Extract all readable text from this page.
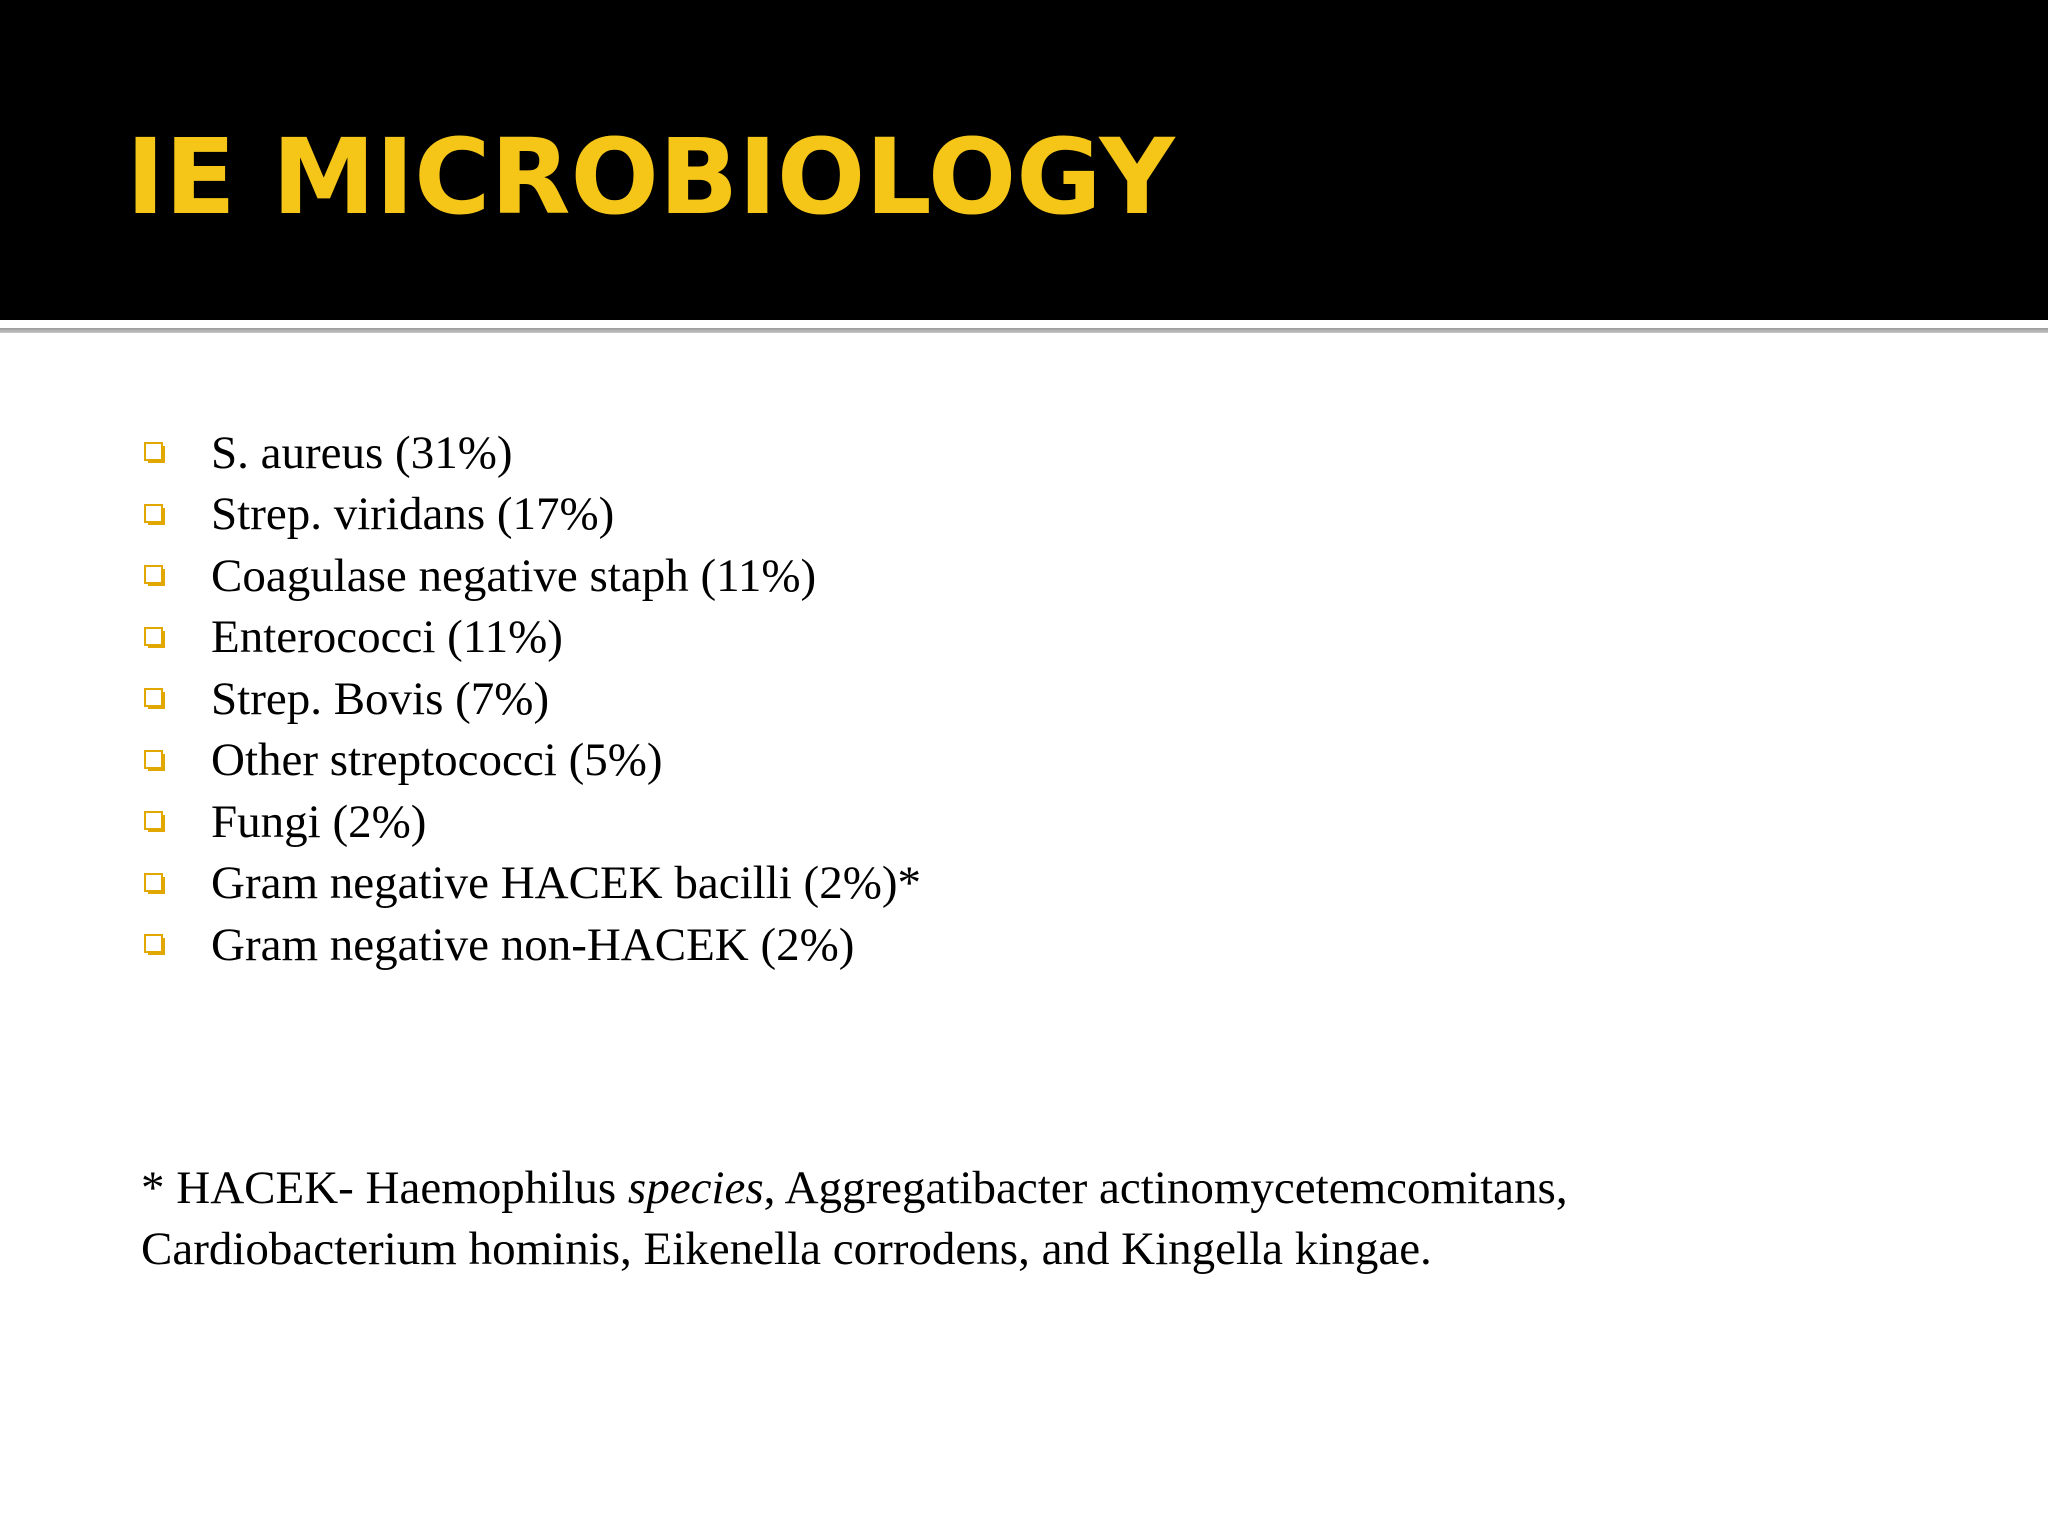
IE MICROBIOLOGY
S. aureus (31%)
Strep. viridans (17%)
Coagulase negative staph (11%)
Enterococci (11%)
Strep. Bovis (7%)
Other streptococci (5%)
Fungi (2%)
Gram negative HACEK bacilli (2%)*
Gram negative non-HACEK (2%)

* HACEK- Haemophilus species, Aggregatibacter actinomycetemcomitans,
Cardiobacterium hominis, Eikenella corrodens, and Kingella kingae.
